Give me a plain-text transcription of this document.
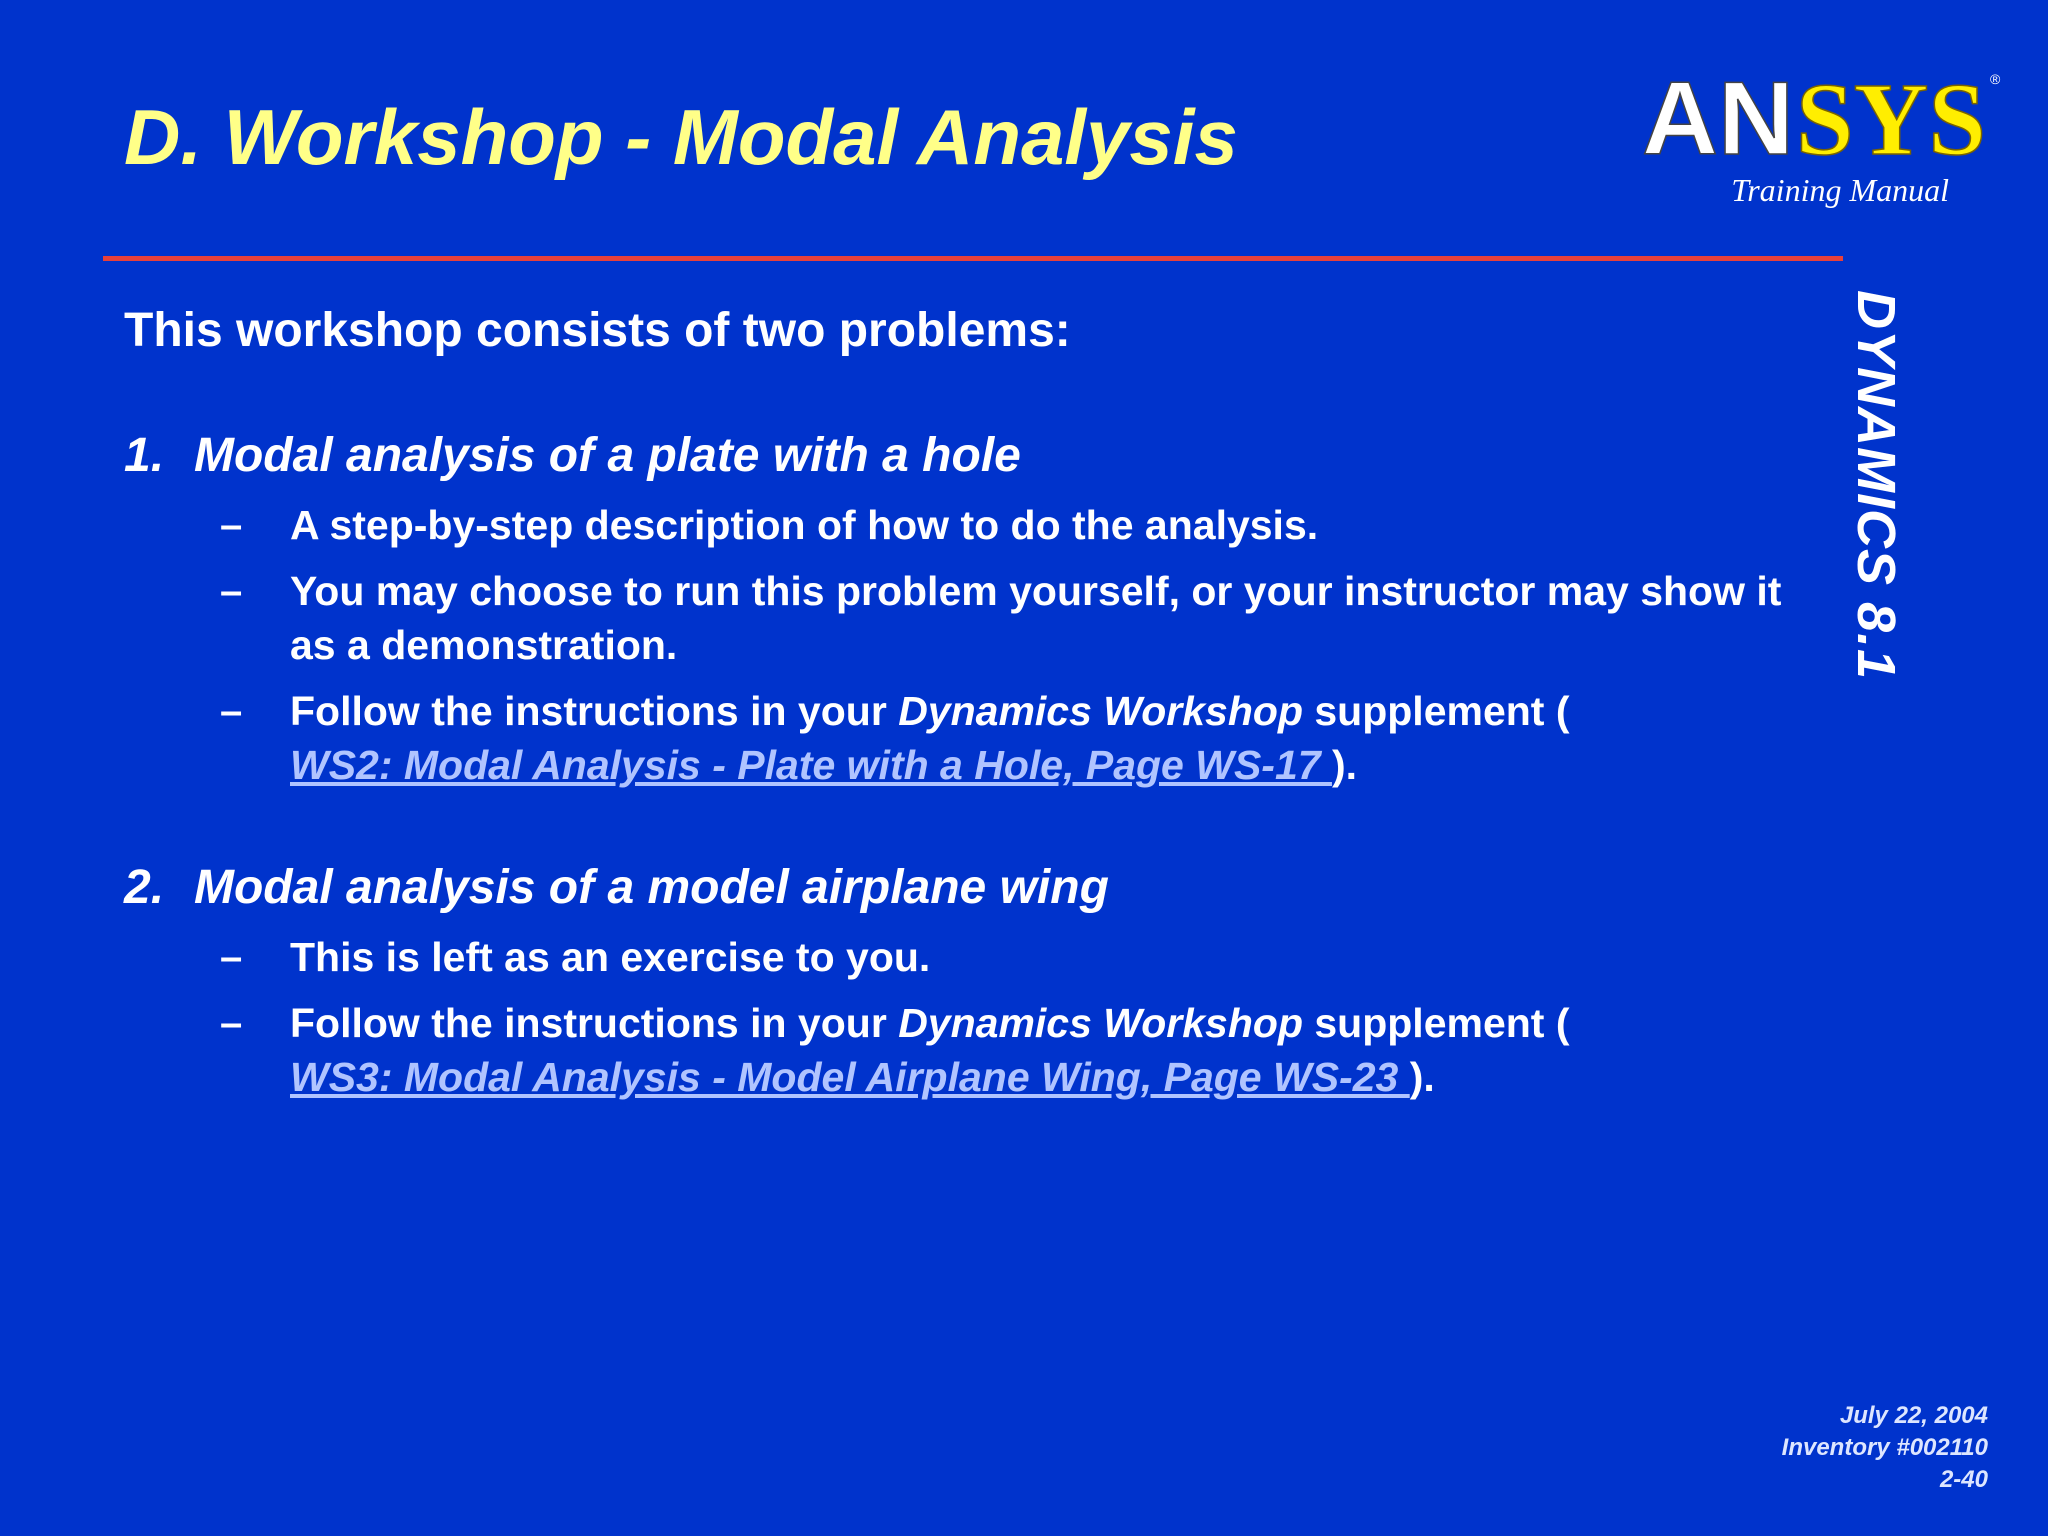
D. Workshop - Modal Analysis	AN SYS ®
Training Manual
DYNAMICS 8.1
This workshop consists of two problems:
1. Modal analysis of a plate with a hole
– A step-by-step description of how to do the analysis.
– You may choose to run this problem yourself, or your instructor may show it as a demonstration.
– Follow the instructions in your Dynamics Workshop supplement (
WS2: Modal Analysis - Plate with a Hole, Page WS-17 ).
2. Modal analysis of a model airplane wing
– This is left as an exercise to you.
– Follow the instructions in your Dynamics Workshop supplement (
WS3: Modal Analysis - Model Airplane Wing, Page WS-23 ).
July 22, 2004
Inventory #002110
2-40
